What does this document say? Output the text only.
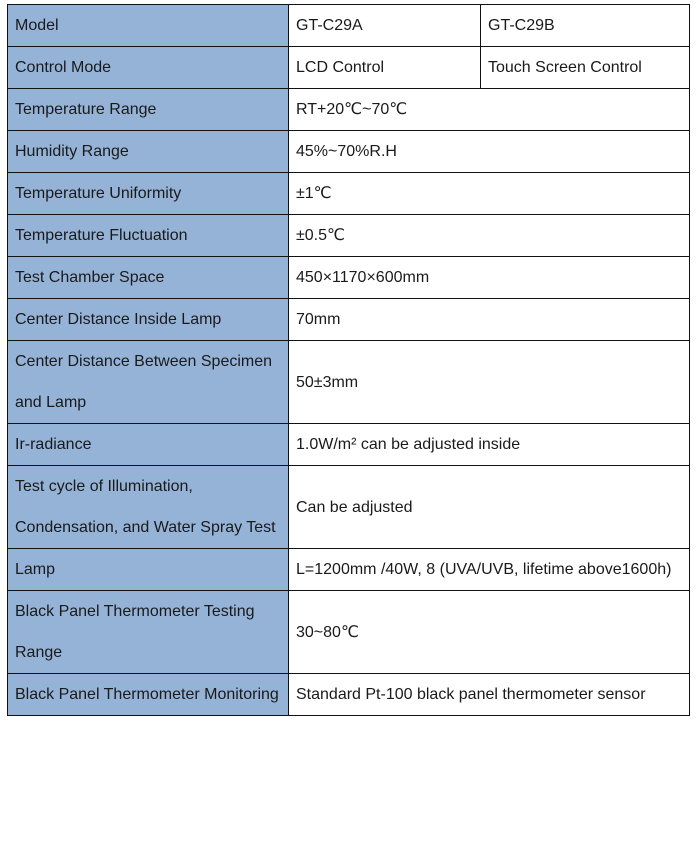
Model	GT-C29A	GT-C29B
Control Mode	LCD Control	Touch Screen Control
Temperature Range	RT+20℃~70℃	
Humidity Range	45%~70%R.H	
Temperature Uniformity	±1℃	
Temperature Fluctuation	±0.5℃	
Test Chamber Space	450×1170×600mm	
Center Distance Inside Lamp	70mm	
Center Distance Between Specimen and Lamp	50±3mm	
Ir-radiance	1.0W/m² can be adjusted inside	
Test cycle of Illumination, Condensation, and Water Spray Test	Can be adjusted	
Lamp	L=1200mm /40W, 8 (UVA/UVB, lifetime above1600h)	
Black Panel Thermometer Testing Range	30~80℃	
Black Panel Thermometer Monitoring	Standard Pt-100 black panel thermometer sensor	
